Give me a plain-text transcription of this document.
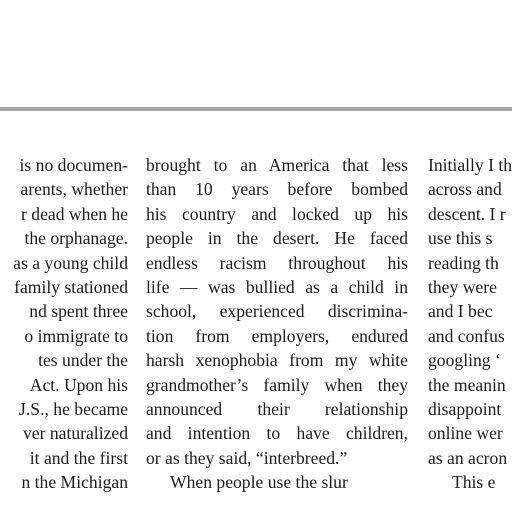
is no documen-
arents, whether
r dead when he
the orphanage.
as a young child
family stationed
nd spent three
o immigrate to
tes under the
Act. Upon his
J.S., he became
ver naturalized
it and the first
n the Michigan
brought to an America that less
than 10 years before bombed
his country and locked up his
people in the desert. He faced
endless racism throughout his
life — was bullied as a child in
school, experienced discrimina-
tion from employers, endured
harsh xenophobia from my white
grandmother’s family when they
announced their relationship
and intention to have children,
or as they said, “interbreed.”
When people use the slur
Initially I th
across and
descent. I r
use this s
reading th
they were
and I bec
and confus
googling ‘
the meanin
disappoint
online wer
as an acron
This e
